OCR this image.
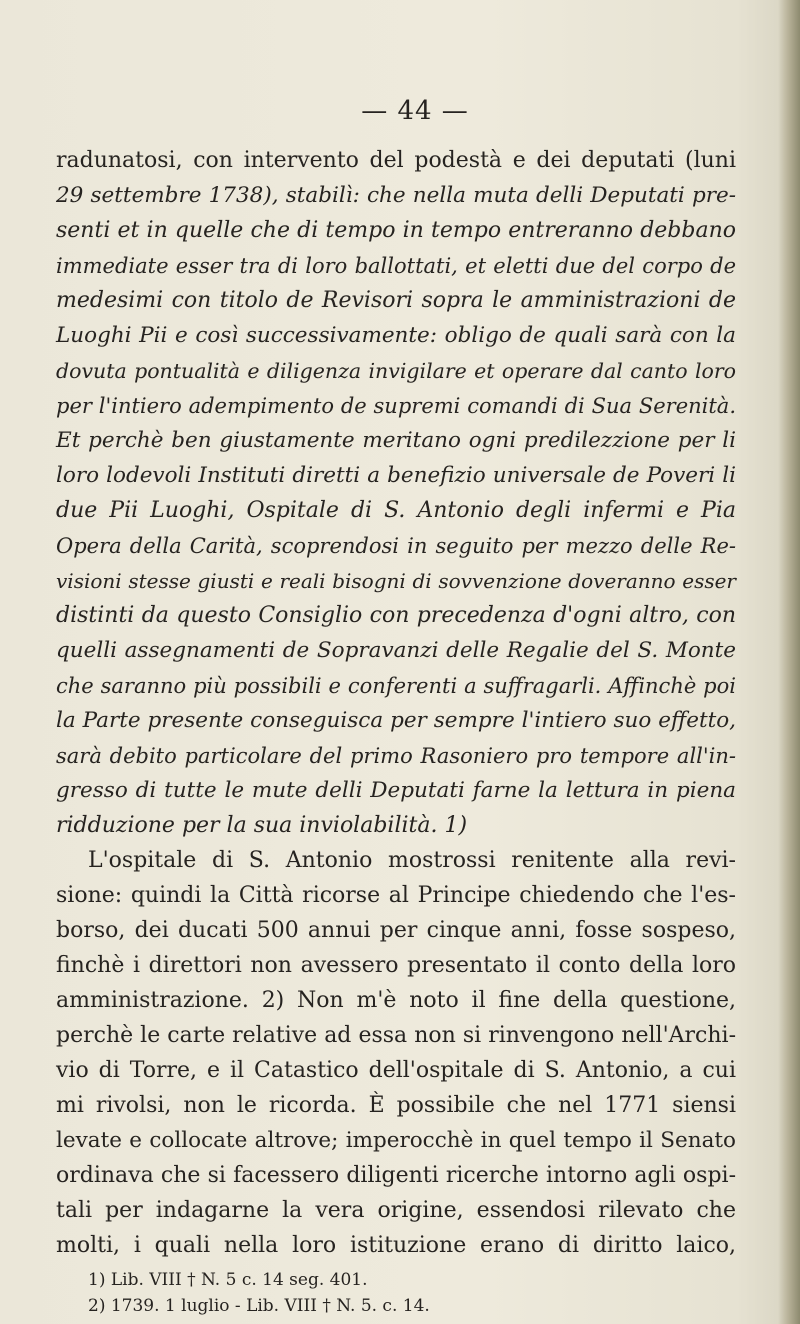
— 44 —
radunatosi, con intervento del podestà e dei deputati (luni
29 settembre 1738), stabilì: che nella muta delli Deputati pre-
senti et in quelle che di tempo in tempo entreranno debbano
immediate esser tra di loro ballottati, et eletti due del corpo de
medesimi con titolo de Revisori sopra le amministrazioni de
Luoghi Pii e così successivamente: obligo de quali sarà con la
dovuta pontualità e diligenza invigilare et operare dal canto loro
per l'intiero adempimento de supremi comandi di Sua Serenità.
Et perchè ben giustamente meritano ogni predilezzione per li
loro lodevoli Instituti diretti a benefizio universale de Poveri li
due Pii Luoghi, Ospitale di S. Antonio degli infermi e Pia
Opera della Carità, scoprendosi in seguito per mezzo delle Re-
visioni stesse giusti e reali bisogni di sovvenzione doveranno esser
distinti da questo Consiglio con precedenza d'ogni altro, con
quelli assegnamenti de Sopravanzi delle Regalie del S. Monte
che saranno più possibili e conferenti a suffragarli. Affinchè poi
la Parte presente conseguisca per sempre l'intiero suo effetto,
sarà debito particolare del primo Rasoniero pro tempore all'in-
gresso di tutte le mute delli Deputati farne la lettura in piena
ridduzione per la sua inviolabilità. 1)
L'ospitale di S. Antonio mostrossi renitente alla revi-
sione: quindi la Città ricorse al Principe chiedendo che l'es-
borso, dei ducati 500 annui per cinque anni, fosse sospeso,
finchè i direttori non avessero presentato il conto della loro
amministrazione. 2) Non m'è noto il fine della questione,
perchè le carte relative ad essa non si rinvengono nell'Archi-
vio di Torre, e il Catastico dell'ospitale di S. Antonio, a cui
mi rivolsi, non le ricorda. È possibile che nel 1771 siensi
levate e collocate altrove; imperocchè in quel tempo il Senato
ordinava che si facessero diligenti ricerche intorno agli ospi-
tali per indagarne la vera origine, essendosi rilevato che
molti, i quali nella loro istituzione erano di diritto laico,
1) Lib. VIII † N. 5 c. 14 seg. 401.
2) 1739. 1 luglio - Lib. VIII † N. 5. c. 14.
